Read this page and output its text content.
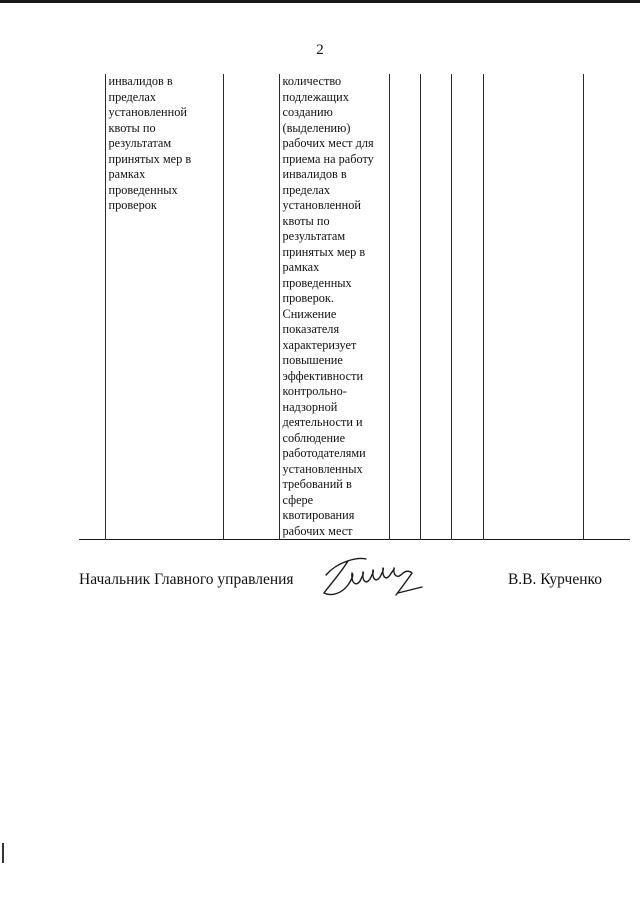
2
	инвалидов в
пределах
установленной
квоты по
результатам
принятых мер в
рамках
проведенных
проверок		количество
подлежащих
созданию
(выделению)
рабочих мест для
приема на работу
инвалидов в
пределах
установленной
квоты по
результатам
принятых мер в
рамках
проведенных
проверок.
Снижение
показателя
характеризует
повышение
эффективности
контрольно-
надзорной
деятельности и
соблюдение
работодателями
установленных
требований в
сфере
квотирования
рабочих мест					
Начальник Главного управления	В.В. Курченко
